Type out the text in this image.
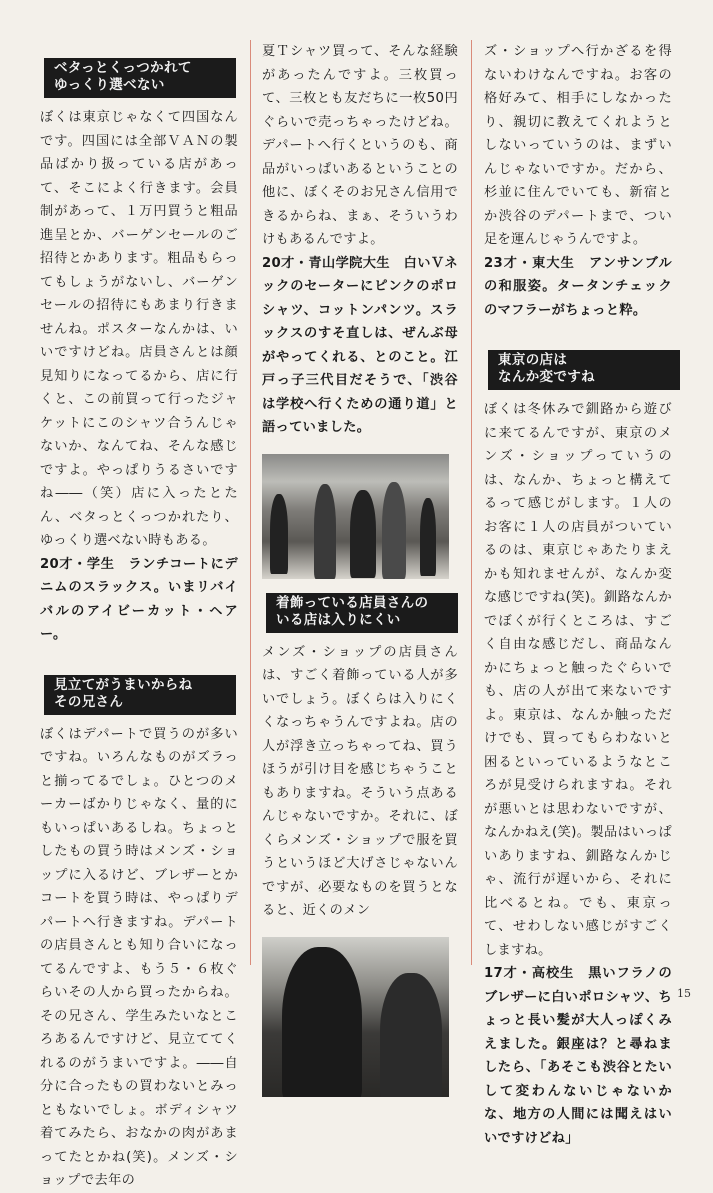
ベタっとくっつかれて
ゆっくり選べない

ぼくは東京じゃなくて四国なんです。四国には全部ＶＡＮの製品ばかり扱っている店があって、そこによく行きます。会員制があって、１万円買うと粗品進呈とか、バーゲンセールのご招待とかあります。粗品もらってもしょうがないし、バーゲンセールの招待にもあまり行きませんね。ポスターなんかは、いいですけどね。店員さんとは顔見知りになってるから、店に行くと、この前買って行ったジャケットにこのシャツ合うんじゃないか、なんてね、そんな感じですよ。やっぱりうるさいですね――（笑）店に入ったとたん、ベタっとくっつかれたり、ゆっくり選べない時もある。

20才・学生　ランチコートにデニムのスラックス。いまリバイバルのアイビーカット・ヘアー。

見立てがうまいからね
その兄さん

ぼくはデパートで買うのが多いですね。いろんなものがズラっと揃ってるでしょ。ひとつのメーカーばかりじゃなく、量的にもいっぱいあるしね。ちょっとしたもの買う時はメンズ・ショップに入るけど、ブレザーとかコートを買う時は、やっぱりデパートへ行きますね。デパートの店員さんとも知り合いになってるんですよ、もう５・６枚ぐらいその人から買ったからね。その兄さん、学生みたいなところあるんですけど、見立ててくれるのがうまいですよ。――自分に合ったもの買わないとみっともないでしょ。ボディシャツ着てみたら、おなかの肉があまってたとかね(笑)。メンズ・ショップで去年の

夏Ｔシャツ買って、そんな経験があったんですよ。三枚買って、三枚とも友だちに一枚50円ぐらいで売っちゃったけどね。デパートへ行くというのも、商品がいっぱいあるということの他に、ぼくそのお兄さん信用できるからね、まぁ、そういうわけもあるんですよ。

20才・青山学院大生　白いＶネックのセーターにピンクのポロシャツ、コットンパンツ。スラックスのすそ直しは、ぜんぶ母がやってくれる、とのこと。江戸っ子三代目だそうで、「渋谷は学校へ行くための通り道」と語っていました。

着飾っている店員さんの
いる店は入りにくい

メンズ・ショップの店員さんは、すごく着飾っている人が多いでしょう。ぼくらは入りにくくなっちゃうんですよね。店の人が浮き立っちゃってね、買うほうが引け目を感じちゃうこともありますね。そういう点あるんじゃないですか。それに、ぼくらメンズ・ショップで服を買うというほど大げさじゃないんですが、必要なものを買うとなると、近くのメン

ズ・ショップへ行かざるを得ないわけなんですね。お客の格好みて、相手にしなかったり、親切に教えてくれようとしないっていうのは、まずいんじゃないですか。だから、杉並に住んでいても、新宿とか渋谷のデパートまで、つい足を運んじゃうんですよ。

23才・東大生　アンサンブルの和服姿。タータンチェックのマフラーがちょっと粋。

東京の店は
なんか変ですね

ぼくは冬休みで釧路から遊びに来てるんですが、東京のメンズ・ショップっていうのは、なんか、ちょっと構えてるって感じがします。１人のお客に１人の店員がついているのは、東京じゃあたりまえかも知れませんが、なんか変な感じですね(笑)。釧路なんかでぼくが行くところは、すごく自由な感じだし、商品なんかにちょっと触ったぐらいでも、店の人が出て来ないですよ。東京は、なんか触っただけでも、買ってもらわないと困るといっているようなところが見受けられますね。それが悪いとは思わないですが、なんかねえ(笑)。製品はいっぱいありますね、釧路なんかじゃ、流行が遅いから、それに比べるとね。でも、東京って、せわしない感じがすごくしますね。

17才・高校生　黒いフラノのブレザーに白いポロシャツ、ちょっと長い髪が大人っぽくみえました。銀座は？と尋ねましたら、「あそこも渋谷とたいして変わんないじゃないかな、地方の人間には聞えはいいですけどね」

15
